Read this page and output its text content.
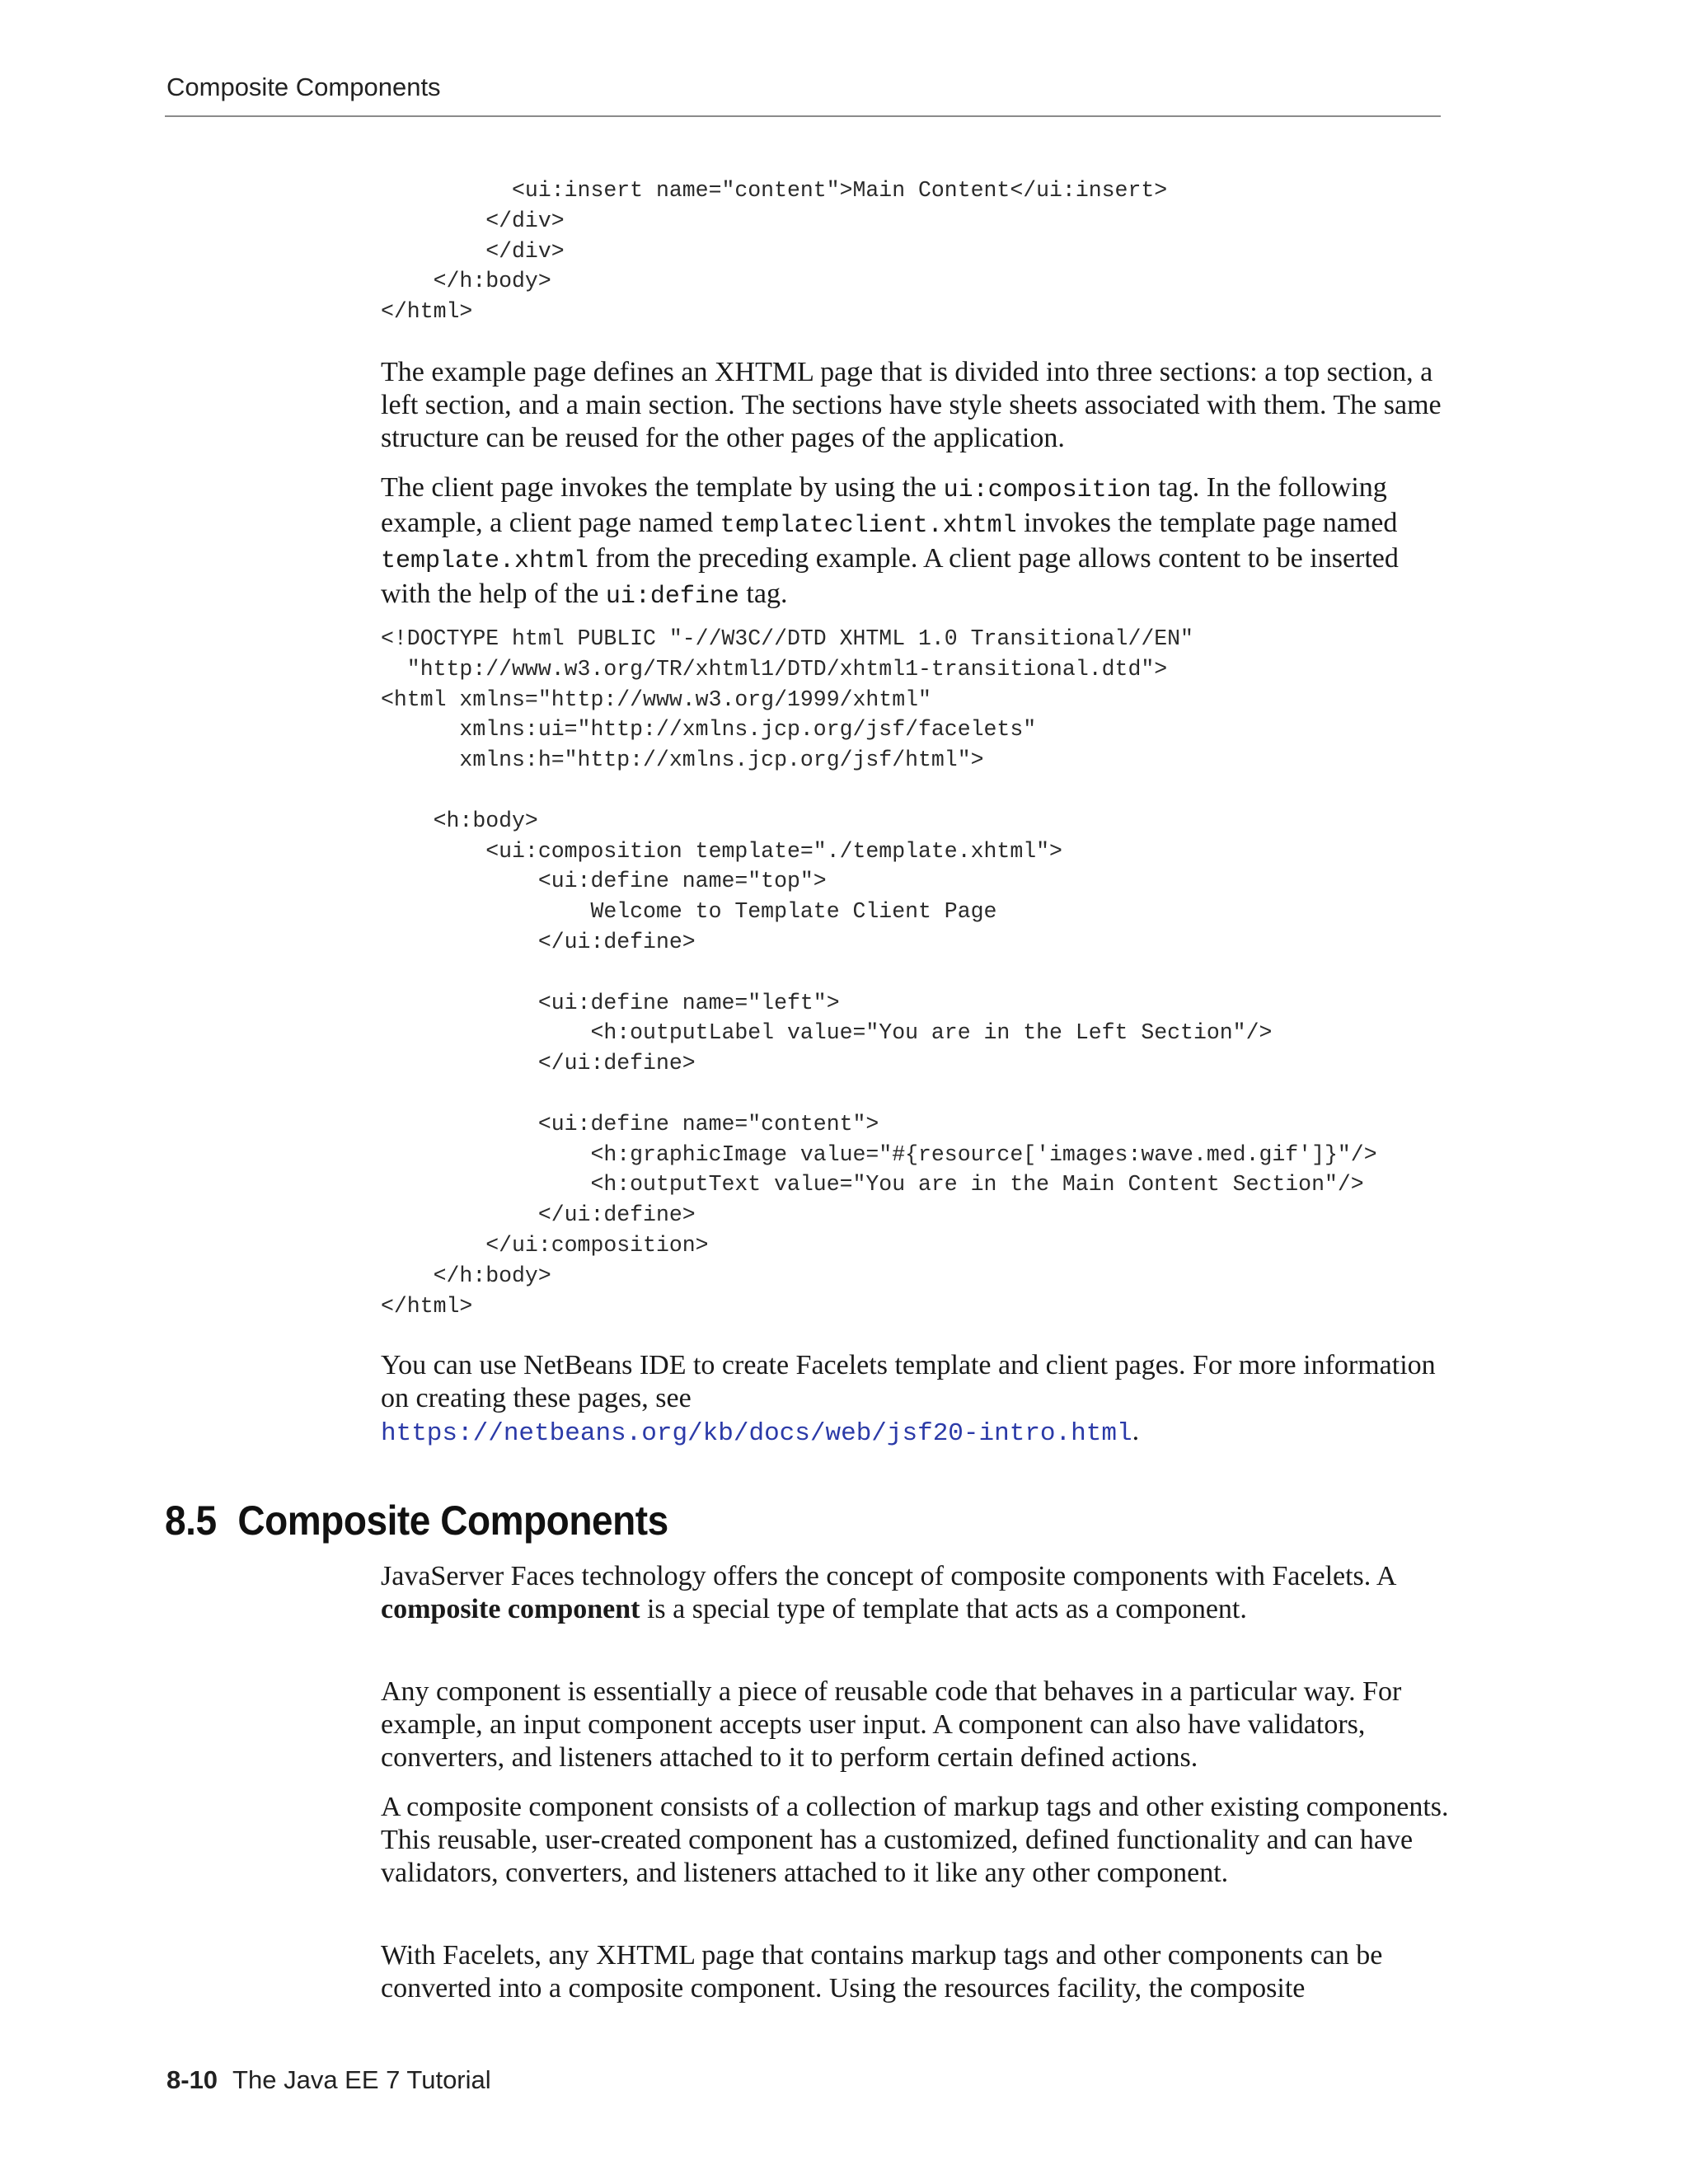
Composite Components
<ui:insert name="content">Main Content</ui:insert>
</div>
</div>
</h:body>
</html>

The example page defines an XHTML page that is divided into three sections: a top section, a left section, and a main section. The sections have style sheets associated with them. The same structure can be reused for the other pages of the application.

The client page invokes the template by using the ui:composition tag. In the following example, a client page named templateclient.xhtml invokes the template page named template.xhtml from the preceding example. A client page allows content to be inserted with the help of the ui:define tag.

<!DOCTYPE html PUBLIC "-//W3C//DTD XHTML 1.0 Transitional//EN"
"http://www.w3.org/TR/xhtml1/DTD/xhtml1-transitional.dtd">
<html xmlns="http://www.w3.org/1999/xhtml"
xmlns:ui="http://xmlns.jcp.org/jsf/facelets"
xmlns:h="http://xmlns.jcp.org/jsf/html">

<h:body>
<ui:composition template="./template.xhtml">
<ui:define name="top">
Welcome to Template Client Page
</ui:define>

<ui:define name="left">
<h:outputLabel value="You are in the Left Section"/>
</ui:define>

<ui:define name="content">
<h:graphicImage value="#{resource['images:wave.med.gif']}"/>
<h:outputText value="You are in the Main Content Section"/>
</ui:define>
</ui:composition>
</h:body>
</html>

You can use NetBeans IDE to create Facelets template and client pages. For more information on creating these pages, see
https://netbeans.org/kb/docs/web/jsf20-intro.html.

8.5 Composite Components

JavaServer Faces technology offers the concept of composite components with Facelets. A composite component is a special type of template that acts as a component.

Any component is essentially a piece of reusable code that behaves in a particular way. For example, an input component accepts user input. A component can also have validators, converters, and listeners attached to it to perform certain defined actions.

A composite component consists of a collection of markup tags and other existing components. This reusable, user-created component has a customized, defined functionality and can have validators, converters, and listeners attached to it like any other component.

With Facelets, any XHTML page that contains markup tags and other components can be converted into a composite component. Using the resources facility, the composite

8-10 The Java EE 7 Tutorial
